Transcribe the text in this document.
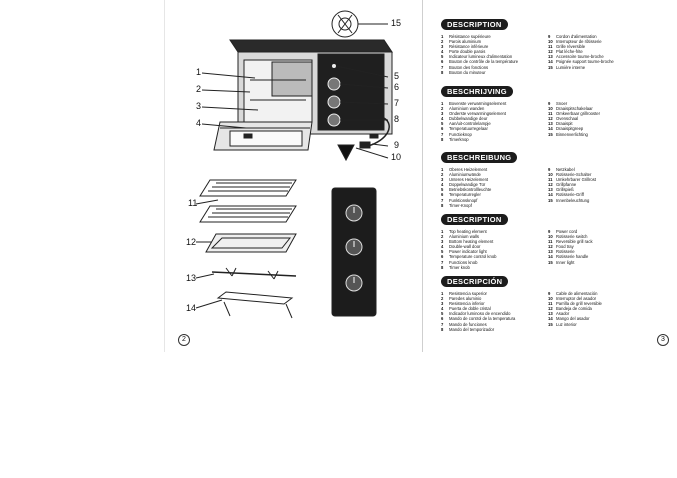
1
2
3
4
5
6
7
8
9
10
11
12
13
14
15
2	3
DESCRIPTION
1 Résistance supérieure
2 Parois aluminium
3 Résistance inférieure
4 Porte double parois
5 Indicateur lumineux d'alimentation
6 Bouton de contrôle de la température
7 Bouton des fonctions
8 Bouton du minuteur
9 Cordon d'alimentation
10 Interrupteur de rôtisserie
11 Grille réversible
12 Plat lèche-frite
13 Accessoire tourne-broche
14 Poignée support tourne-broche
15 Lumière interne
BESCHRIJVING
1 Bovenste verwarmingselement
2 Aluminium wanden
3 Onderste verwarmingselement
4 Dubbelwandige deur
5 Aan/uit-controlelampje
6 Temperatuurregelaar
7 Functieknop
8 Timerknop
9 Snoer
10 Draaispitschakelaar
11 Omkeerbaar grillrooster
12 Ovenschaal
13 Draaispit
14 Draaispitgreep
15 Binnenverlichting
BESCHREIBUNG
1 Oberes Heizelement
2 Aluminiumwände
3 Unteres Heizelement
4 Doppelwandige Tür
5 Betriebskontrollleuchte
6 Temperaturregler
7 Funktionsknopf
8 Timer-Knopf
9 Netzkabel
10 Rotisserie-Schalter
11 Umkehrbarer Grillrost
12 Grillpfanne
13 Grillspieß
14 Rotisserie-Griff
15 Innenbeleuchtung
DESCRIPTION
1 Top heating element
2 Aluminium walls
3 Bottom heating element
4 Double-wall door
5 Power indicator light
6 Temperature control knob
7 Functions knob
8 Timer knob
9 Power cord
10 Rotisserie switch
11 Reversible grill rack
12 Food tray
13 Rotisserie
14 Rotisserie handle
15 Inner light
DESCRIPCIÓN
1 Resistencia superior
2 Paredes aluminio
3 Resistencia inferior
4 Puerta de doble cristal
5 Indicador luminoso de encendido
6 Mando de control de la temperatura
7 Mando de funciones
8 Mando del temporizador
9 Cable de alimentación
10 Interruptor del asador
11 Parrilla de grill reversible
12 Bandeja de comida
13 Asador
14 Mango del asador
15 Luz interior
